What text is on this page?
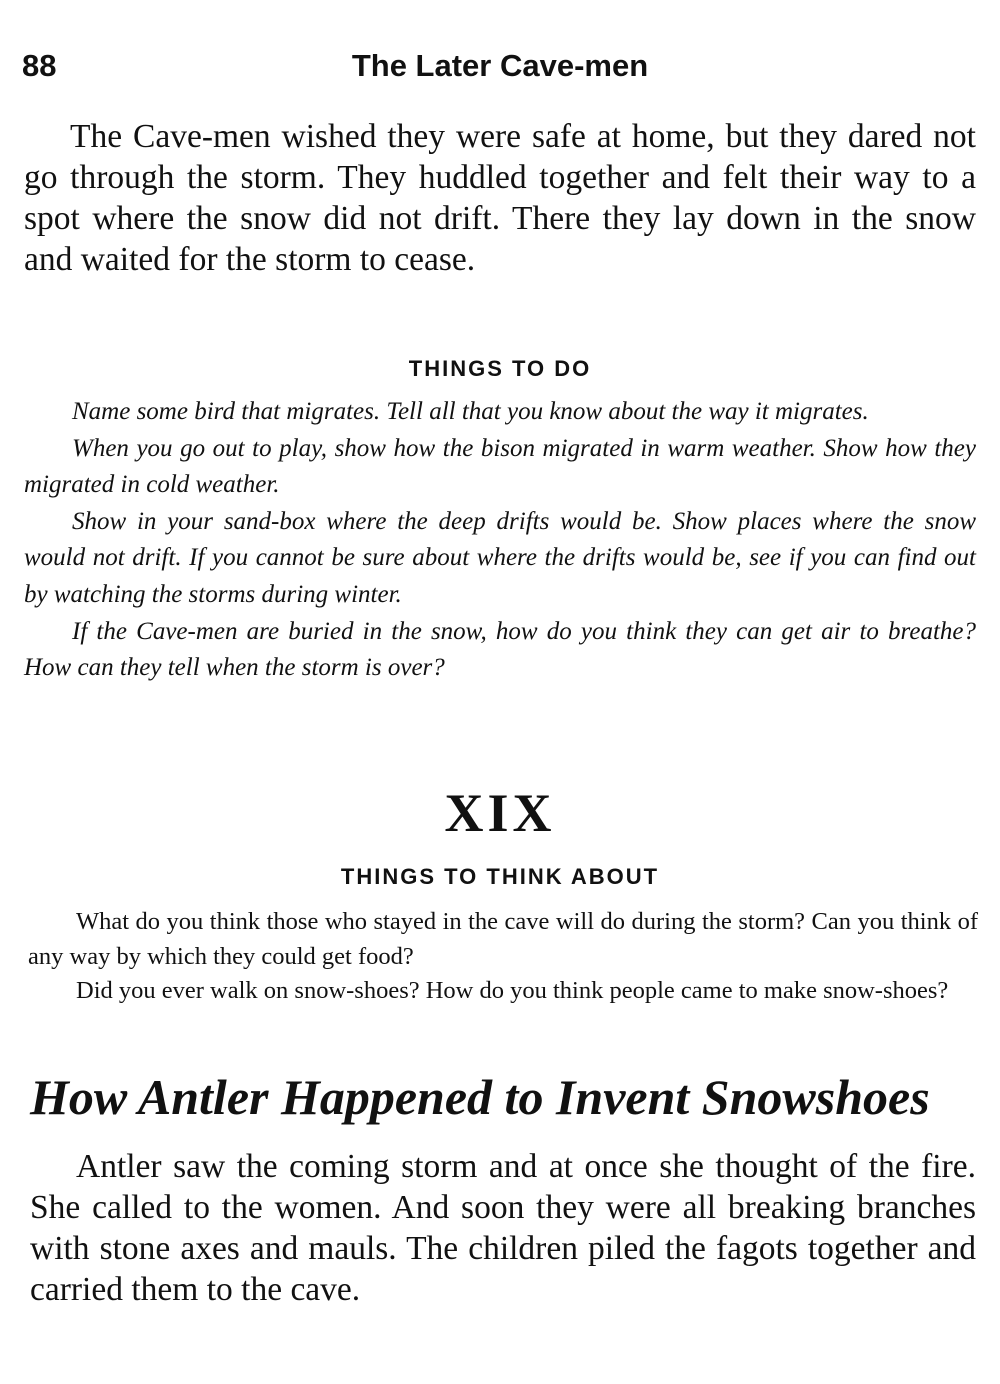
88	The Later Cave-men

The Cave-men wished they were safe at home, but they dared not go through the storm. They huddled together and felt their way to a spot where the snow did not drift. There they lay down in the snow and waited for the storm to cease.

THINGS TO DO

Name some bird that migrates. Tell all that you know about the way it migrates.

When you go out to play, show how the bison migrated in warm weather. Show how they migrated in cold weather.

Show in your sand-box where the deep drifts would be. Show places where the snow would not drift. If you cannot be sure about where the drifts would be, see if you can find out by watching the storms during winter.

If the Cave-men are buried in the snow, how do you think they can get air to breathe? How can they tell when the storm is over?

XIX
THINGS TO THINK ABOUT

What do you think those who stayed in the cave will do during the storm? Can you think of any way by which they could get food?

Did you ever walk on snow-shoes? How do you think people came to make snow-shoes?

How Antler Happened to Invent Snowshoes

Antler saw the coming storm and at once she thought of the fire. She called to the women. And soon they were all breaking branches with stone axes and mauls. The children piled the fagots together and carried them to the cave.
